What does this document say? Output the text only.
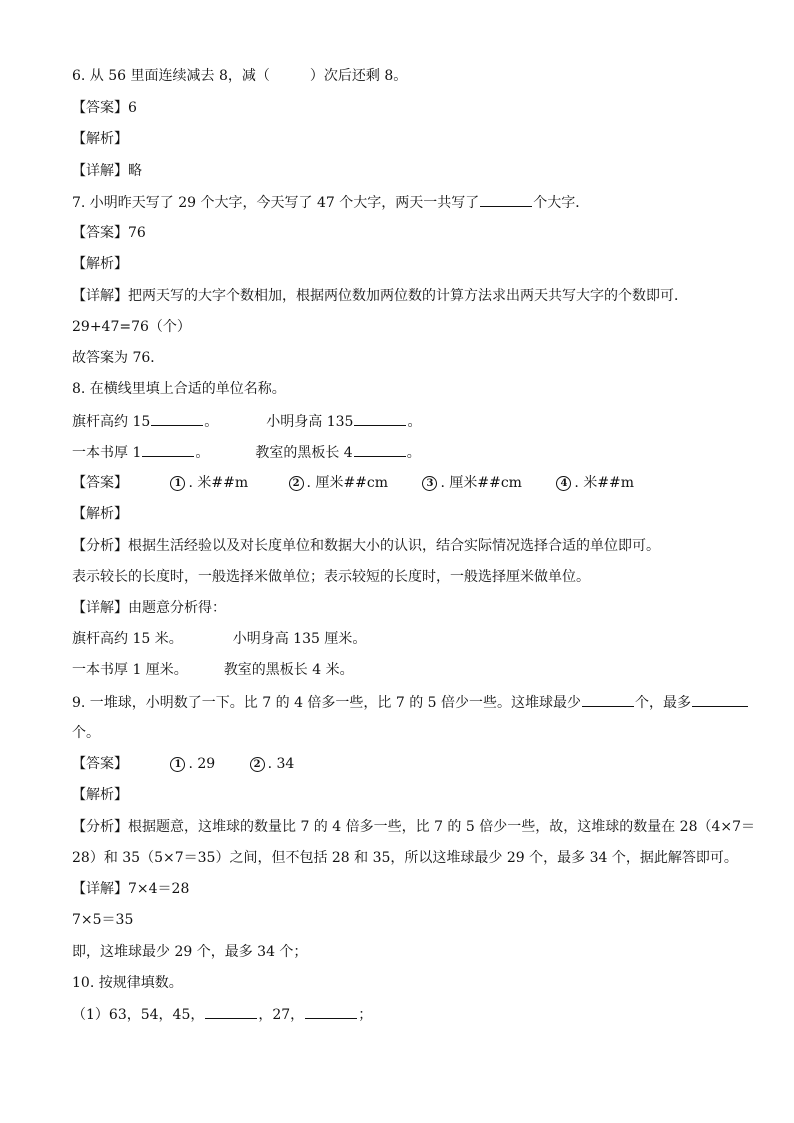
6. 从 56 里面连续减去 8，减（	）次后还剩 8。
【答案】6
【解析】
【详解】略
7. 小明昨天写了 29 个大字，今天写了 47 个大字，两天一共写了	个大字．
【答案】76
【解析】
【详解】把两天写的大字个数相加，根据两位数加两位数的计算方法求出两天共写大字的个数即可．
29+47=76（个）
故答案为 76．
8. 在横线里填上合适的单位名称。
旗杆高约 15	。	小明身高 135	。
一本书厚 1	。	教室的黑板长 4	。
【答案】	1 . 米##m	2 . 厘米##cm	3 . 厘米##cm	4 . 米##m
【解析】
【分析】根据生活经验以及对长度单位和数据大小的认识，结合实际情况选择合适的单位即可。
表示较长的长度时，一般选择米做单位；表示较短的长度时，一般选择厘米做单位。
【详解】由题意分析得：
旗杆高约 15 米。	小明身高 135 厘米。
一本书厚 1 厘米。	教室的黑板长 4 米。
9. 一堆球，小明数了一下。比 7 的 4 倍多一些，比 7 的 5 倍少一些。这堆球最少	个，最多
个。
【答案】	1 . 29	2 . 34
【解析】
【分析】根据题意，这堆球的数量比 7 的 4 倍多一些，比 7 的 5 倍少一些，故，这堆球的数量在 28（4×7＝
28）和 35（5×7＝35）之间，但不包括 28 和 35，所以这堆球最少 29 个，最多 34 个，据此解答即可。
【详解】7×4＝28
7×5＝35
即，这堆球最少 29 个，最多 34 个；
10. 按规律填数。
（1）63，54，45，	，27，	；
